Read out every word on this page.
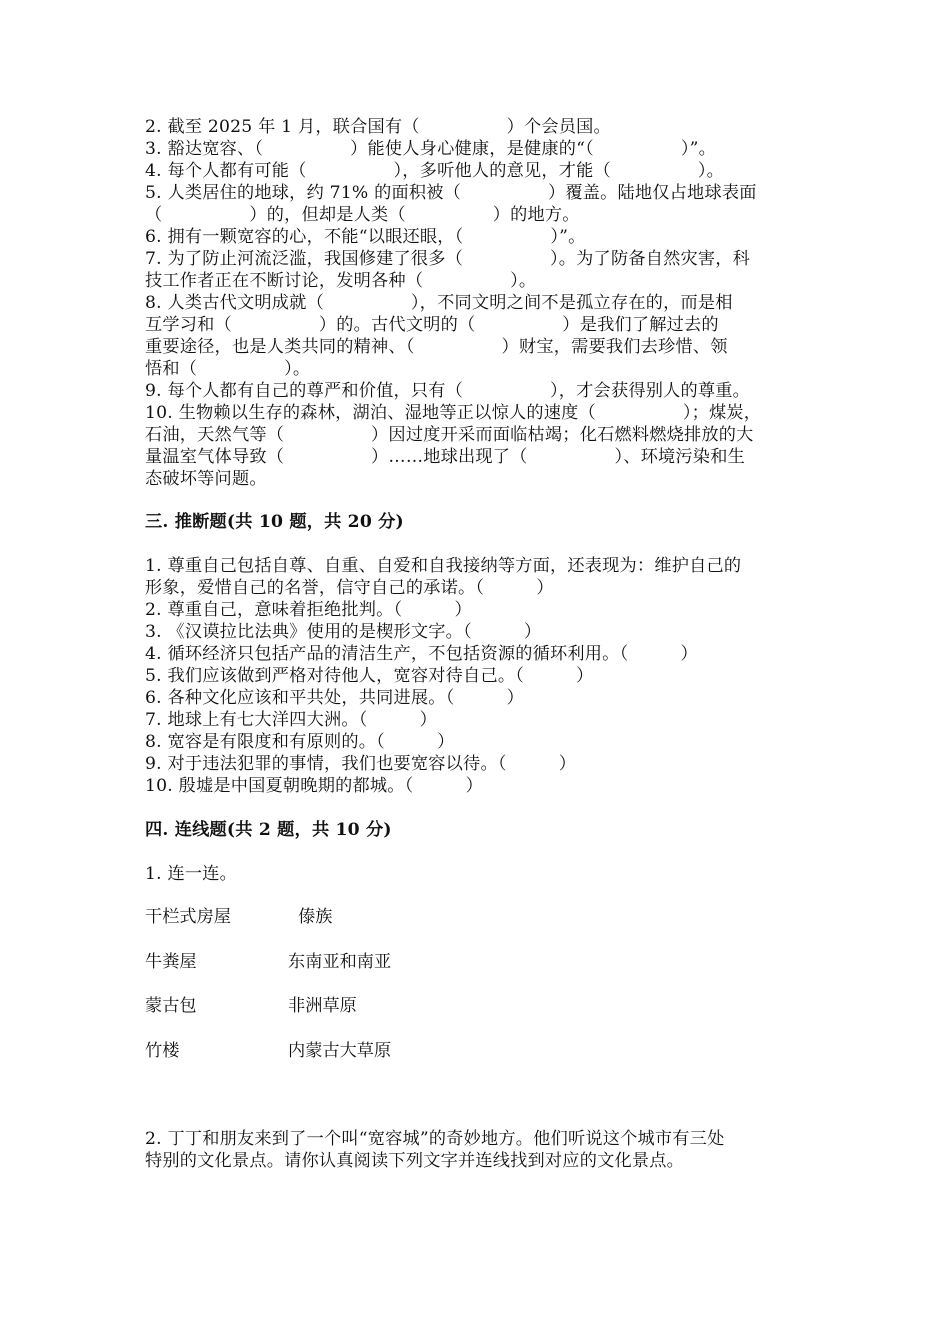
2. 截至 2025 年 1 月，联合国有（　　　　　）个会员国。
3. 豁达宽容、（　　　　　）能使人身心健康，是健康的“（　　　　　）”。
4. 每个人都有可能（　　　　　），多听他人的意见，才能（　　　　　）。
5. 人类居住的地球，约 71% 的面积被（　　　　　）覆盖。陆地仅占地球表面
（　　　　　）的，但却是人类（　　　　　）的地方。
6. 拥有一颗宽容的心，不能“以眼还眼，（　　　　　）”。
7. 为了防止河流泛滥，我国修建了很多（　　　　　）。为了防备自然灾害，科
技工作者正在不断讨论，发明各种（　　　　　）。
8. 人类古代文明成就（　　　　　），不同文明之间不是孤立存在的，而是相
互学习和（　　　　　）的。古代文明的（　　　　　）是我们了解过去的
重要途径，也是人类共同的精神、（　　　　　）财宝，需要我们去珍惜、领
悟和（　　　　　）。
9. 每个人都有自己的尊严和价值，只有（　　　　　），才会获得别人的尊重。
10. 生物赖以生存的森林，湖泊、湿地等正以惊人的速度（　　　　　）；煤炭，
石油，天然气等（　　　　　）因过度开采而面临枯竭；化石燃料燃烧排放的大
量温室气体导致（　　　　　）……地球出现了（　　　　　）、环境污染和生
态破坏等问题。
三. 推断题(共 10 题，共 20 分)
1. 尊重自己包括自尊、自重、自爱和自我接纳等方面，还表现为：维护自己的
形象，爱惜自己的名誉，信守自己的承诺。（　　　）
2. 尊重自己，意味着拒绝批判。（　　　）
3. 《汉谟拉比法典》使用的是楔形文字。（　　　）
4. 循环经济只包括产品的清洁生产，不包括资源的循环利用。（　　　）
5. 我们应该做到严格对待他人，宽容对待自己。（　　　）
6. 各种文化应该和平共处，共同进展。（　　　）
7. 地球上有七大洋四大洲。（　　　）
8. 宽容是有限度和有原则的。（　　　）
9. 对于违法犯罪的事情，我们也要宽容以待。（　　　）
10. 殷墟是中国夏朝晚期的都城。（　　　）
四. 连线题(共 2 题，共 10 分)
1. 连一连。
干栏式房屋	傣族
牛粪屋	东南亚和南亚
蒙古包	非洲草原
竹楼	内蒙古大草原
2. 丁丁和朋友来到了一个叫“宽容城”的奇妙地方。他们听说这个城市有三处
特别的文化景点。请你认真阅读下列文字并连线找到对应的文化景点。
